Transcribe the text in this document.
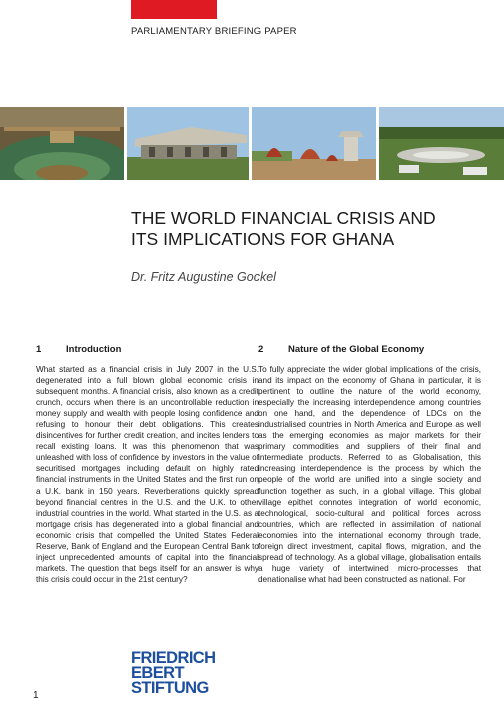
PARLIAMENTARY BRIEFING PAPER
THE WORLD FINANCIAL CRISIS AND
ITS IMPLICATIONS FOR GHANA
Dr. Fritz Augustine Gockel
1	Introduction	2	Nature of the Global Economy

What started as a financial crisis in July 2007 in the U.S. degenerated into a full blown global economic crisis in subsequent months. A financial crisis, also known as a credit crunch, occurs when there is an uncontrollable reduction in money supply and wealth with people losing confidence and refusing to honour their debt obligations. This creates disincentives for further credit creation, and incites lenders to recall existing loans. It was this phenomenon that was unleashed with loss of confidence by investors in the value of securitised mortgages including default on highly rated financial instruments in the United States and the first run on a U.K. bank in 150 years. Reverberations quickly spread beyond financial centres in the U.S. and the U.K. to other industrial countries in the world. What started in the U.S. as a mortgage crisis has degenerated into a global financial and economic crisis that compelled the United States Federal Reserve, Bank of England and the European Central Bank to inject unprecedented amounts of capital into the financial markets. The question that begs itself for an answer is why this crisis could occur in the 21st century?

To fully appreciate the wider global implications of the crisis, and its impact on the economy of Ghana in particular, it is pertinent to outline the nature of the world economy, especially the increasing interdependence among countries on one hand, and the dependence of LDCs on the industrialised countries in North America and Europe as well as the emerging economies as major markets for their primary commodities and suppliers of their final and intermediate products. Referred to as Globalisation, this increasing interdependence is the process by which the people of the world are unified into a single society and function together as such, in a global village. This global village epithet connotes integration of world economic, technological, socio-cultural and political forces across countries, which are reflected in assimilation of national economies into the international economy through trade, foreign direct investment, capital flows, migration, and the spread of technology. As a global village, globalisation entails a huge variety of intertwined micro-processes that denationalise what had been constructed as national. For

FRIEDRICH
EBERT
STIFTUNG
1
